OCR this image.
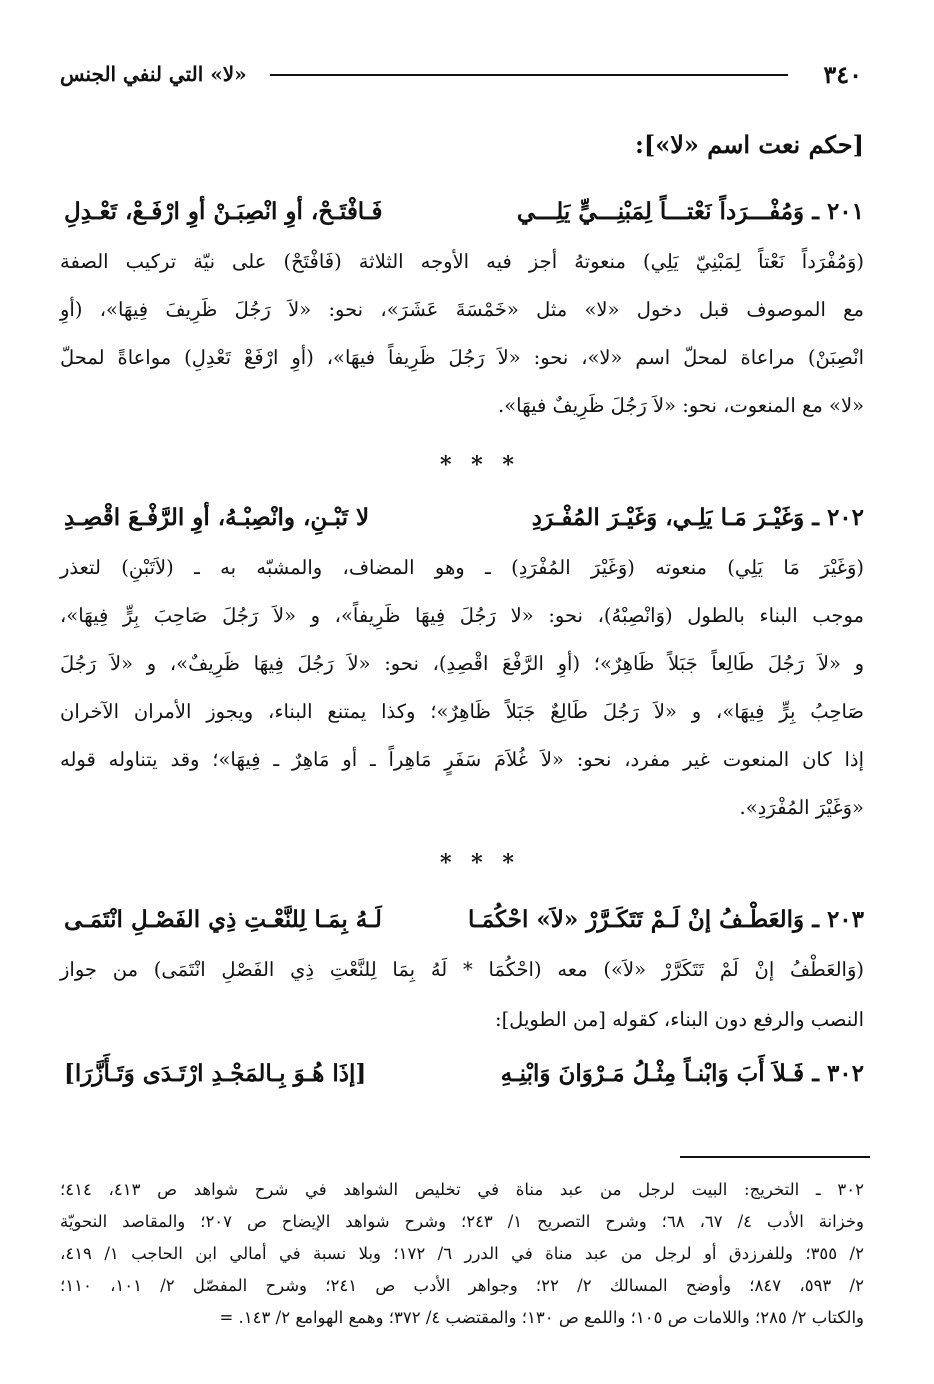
٣٤٠
«لا» التي لنفي الجنس
[حكم نعت اسم «لا»]:
٢٠١ ـ وَمُفْـــرَداً نَعْتـــاً لِمَبْنِـــيٍّ يَلِـــي
فَـافْتَـحْ، أوِ انْصِبَـنْ أوِ ارْفَـعْ، تَعْـدِلِ
(وَمُفْرَداً نَعْتاً لِمَبْنِيّ يَلِي) منعوتهُ أجز فيه الأوجه الثلاثة (فَافْتَحْ) على نيّة تركيب الصفة
مع الموصوف قبل دخول «لا» مثل «خَمْسَةَ عَشَرَ»، نحو: «لاَ رَجُلَ ظَرِيفَ فِيهَا»، (أوِ
انْصِبَنْ) مراعاة لمحلّ اسم «لا»، نحو: «لاَ رَجُلَ ظَرِيفاً فيهَا»، (أوِ ارْفَعْ تَعْدِلِ) مواعاةً لمحلّ
«لا» مع المنعوت، نحو: «لاَ رَجُلَ ظَرِيفٌ فيهَا».
* * *
٢٠٢ ـ وَغَيْـرَ مَـا يَلِـي، وَغَيْـرَ المُفْـرَدِ
لا تَبْـنِ، وانْصِبْـهُ، أوِ الرَّفْـعَ اقْصِـدِ
(وَغَيْرَ مَا يَلِي) منعوته (وَغَيْرَ المُفْرَدِ) ـ وهو المضاف، والمشبّه به ـ (لاَتَبْنِ) لتعذر
موجب البناء بالطول (وَانْصِبْهُ)، نحو: «لا رَجُلَ فِيهَا ظَرِيفاً»، و «لاَ رَجُلَ صَاحِبَ بِرٍّ فِيهَا»،
و «لاَ رَجُلَ طَالِعاً جَبَلاً ظَاهِرٌ»؛ (أوِ الرَّفْعَ اقْصِدِ)، نحو: «لاَ رَجُلَ فِيهَا ظَرِيفٌ»، و «لاَ رَجُلَ
صَاحِبُ بِرٍّ فِيهَا»، و «لاَ رَجُلَ طَالِعٌ جَبَلاً ظَاهِرٌ»؛ وكذا يمتنع البناء، ويجوز الأمران الآخران
إذا كان المنعوت غير مفرد، نحو: «لاَ غُلاَمَ سَفَرٍ مَاهِراً ـ أو مَاهِرٌ ـ فِيهَا»؛ وقد يتناوله قوله
«وَغَيْرَ المُفْرَدِ».
* * *
٢٠٣ ـ وَالعَطْـفُ إنْ لَـمْ تَتَكَـرَّرْ «لاَ» احْكُمَـا
لَـهُ بِمَـا لِلنَّعْـتِ ذِي الفَصْـلِ انْتَمَـى
(وَالعَطْفُ إنْ لَمْ تَتَكَرَّرْ «لاَ») معه (احْكُمَا * لَهُ بِمَا لِلنَّعْتِ ذِي الفَصْلِ انْتَمَى) من جواز
النصب والرفع دون البناء، كقوله [من الطويل]:
٣٠٢ ـ فَـلاَ أَبَ وَابْنـاً مِثْـلُ مَـرْوَانَ وَابْنِـهِ
[إذَا هُـوَ بِـالمَجْـدِ ارْتَـدَى وَتَـأَزَّرَا]
٣٠٢ ـ التخريج: البيت لرجل من عبد مناة في تخليص الشواهد في شرح شواهد ص ٤١٣، ٤١٤؛
وخزانة الأدب ٤/ ٦٧، ٦٨؛ وشرح التصريح ١/ ٢٤٣؛ وشرح شواهد الإيضاح ص ٢٠٧؛ والمقاصد النحويّة
٢/ ٣٥٥؛ وللفرزدق أو لرجل من عبد مناة في الدرر ٦/ ١٧٢؛ وبلا نسبة في أمالي ابن الحاجب ١/ ٤١٩،
٢/ ٥٩٣، ٨٤٧؛ وأوضح المسالك ٢/ ٢٢؛ وجواهر الأدب ص ٢٤١؛ وشرح المفصّل ٢/ ١٠١، ١١٠؛
والكتاب ٢/ ٢٨٥؛ واللامات ص ١٠٥؛ واللمع ص ١٣٠؛ والمقتضب ٤/ ٣٧٢؛ وهمع الهوامع ٢/ ١٤٣. =
